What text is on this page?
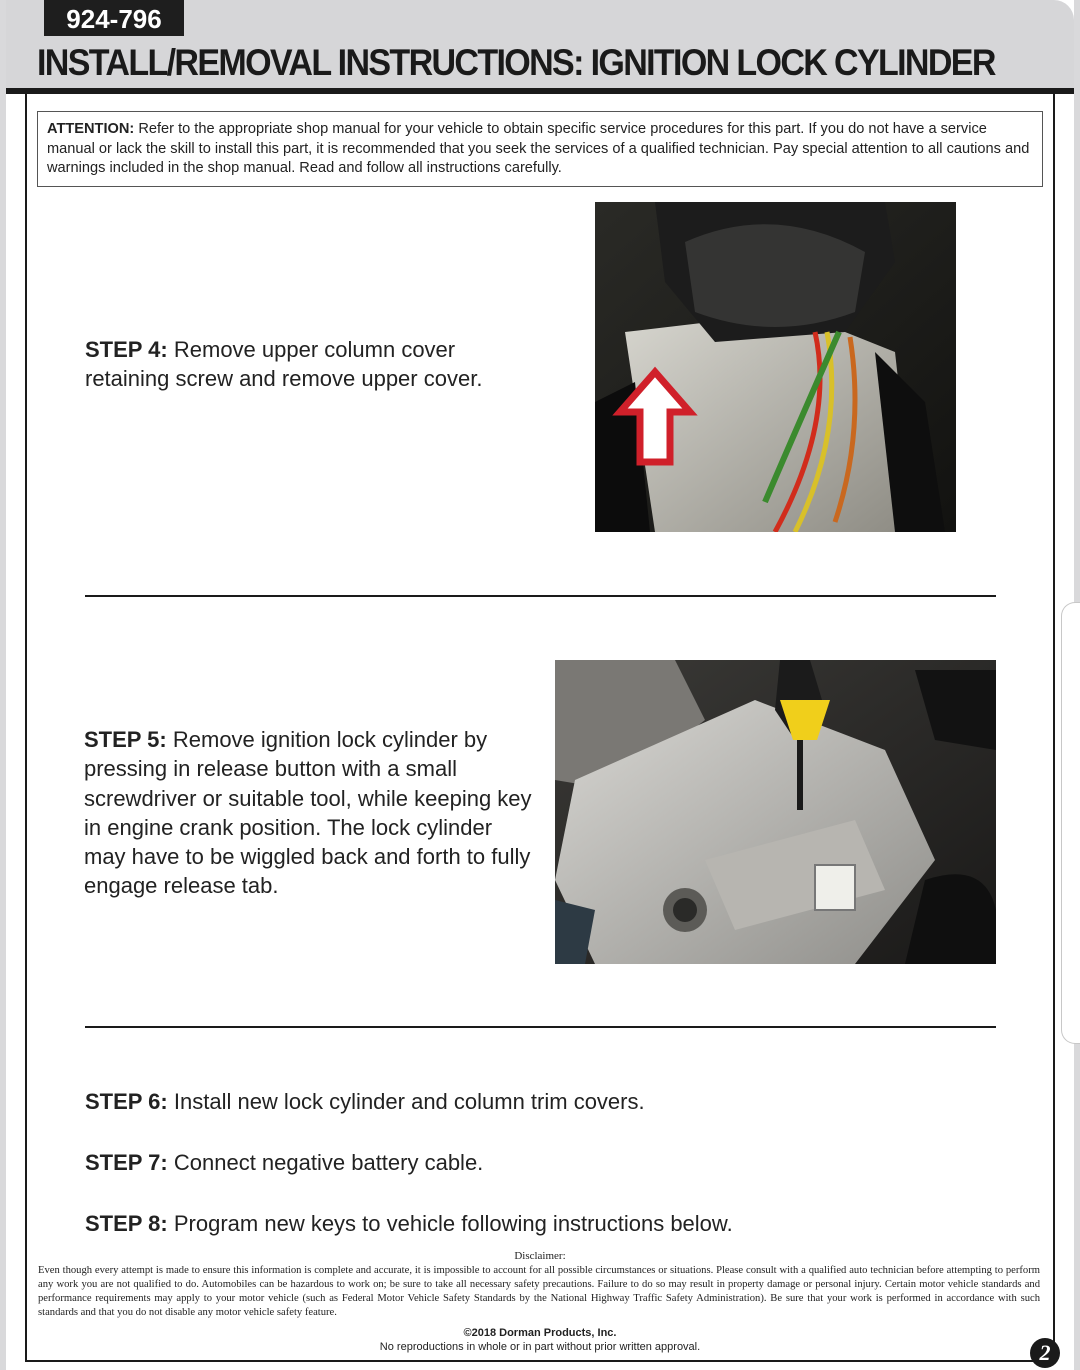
924-796
INSTALL/REMOVAL INSTRUCTIONS: IGNITION LOCK CYLINDER
ATTENTION: Refer to the appropriate shop manual for your vehicle to obtain specific service procedures for this part. If you do not have a service manual or lack the skill to install this part, it is recommended that you seek the services of a qualified technician. Pay special attention to all cautions and warnings included in the shop manual. Read and follow all instructions carefully.
STEP 4: Remove upper column cover retaining screw and remove upper cover.
STEP 5: Remove ignition lock cylinder by pressing in release button with a small screwdriver or suitable tool, while keeping key in engine crank position. The lock cylinder may have to be wiggled back and forth to fully engage release tab.
STEP 6: Install new lock cylinder and column trim covers.
STEP 7: Connect negative battery cable.
STEP 8: Program new keys to vehicle following instructions below.
Disclaimer:
Even though every attempt is made to ensure this information is complete and accurate, it is impossible to account for all possible circumstances or situations. Please consult with a qualified auto technician before attempting to perform any work you are not qualified to do. Automobiles can be hazardous to work on; be sure to take all necessary safety precautions. Failure to do so may result in property damage or personal injury. Certain motor vehicle standards and performance requirements may apply to your motor vehicle (such as Federal Motor Vehicle Safety Standards by the National Highway Traffic Safety Administration). Be sure that your work is performed in accordance with such standards and that you do not disable any motor vehicle safety feature.
©2018 Dorman Products, Inc.
No reproductions in whole or in part without prior written approval.	2
